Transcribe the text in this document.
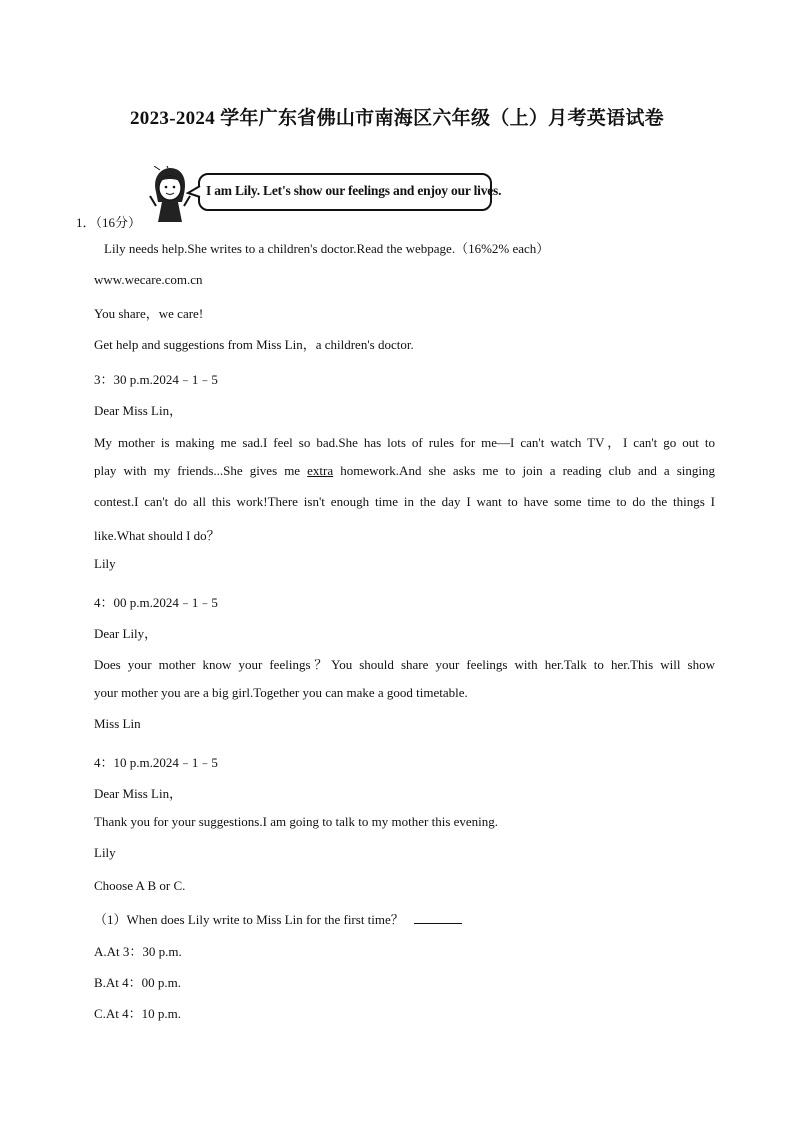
2023-2024 学年广东省佛山市南海区六年级（上）月考英语试卷
I am Lily. Let's show our feelings and enjoy our lives.
1．（16分）
Lily needs help.She writes to a children's doctor.Read the webpage.（16%2% each）
www.wecare.com.cn
You share，we care!
Get help and suggestions from Miss Lin，a children's doctor.
3：30 p.m.2024﹣1﹣5
Dear Miss Lin，
My mother is making me sad.I feel so bad.She has lots of rules for me—I can't watch TV，I can't go out to
play with my friends...She gives me extra homework.And she asks me to join a reading club and a singing
contest.I can't do all this work!There isn't enough time in the day I want to have some time to do the things I
like.What should I do？
Lily
4：00 p.m.2024﹣1﹣5
Dear Lily，
Does your mother know your feelings？You should share your feelings with her.Talk to her.This will show
your mother you are a big girl.Together you can make a good timetable.
Miss Lin
4：10 p.m.2024﹣1﹣5
Dear Miss Lin，
Thank you for your suggestions.I am going to talk to my mother this evening.
Lily
Choose A B or C.
（1）When does Lily write to Miss Lin for the first time？
A.At 3：30 p.m.
B.At 4：00 p.m.
C.At 4：10 p.m.
